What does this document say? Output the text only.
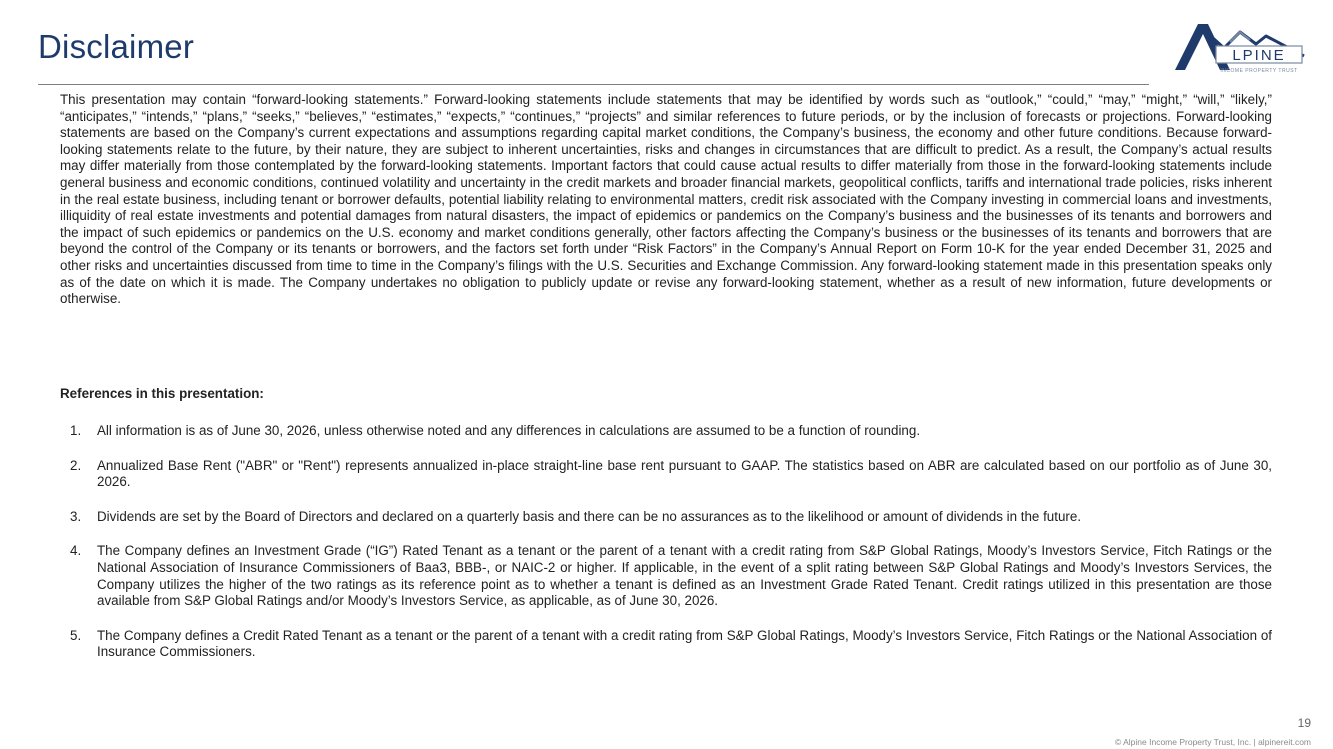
Disclaimer	LPINE
INCOME PROPERTY TRUST
This presentation may contain “forward-looking statements.” Forward-looking statements include statements that may be identified by words such as “outlook,” “could,” “may,” “might,” “will,” “likely,” “anticipates,” “intends,” “plans,” “seeks,” “believes,” “estimates,” “expects,” “continues,” “projects” and similar references to future periods, or by the inclusion of forecasts or projections. Forward-looking statements are based on the Company’s current expectations and assumptions regarding capital market conditions, the Company’s business, the economy and other future conditions. Because forward-looking statements relate to the future, by their nature, they are subject to inherent uncertainties, risks and changes in circumstances that are difficult to predict. As a result, the Company’s actual results may differ materially from those contemplated by the forward-looking statements. Important factors that could cause actual results to differ materially from those in the forward-looking statements include general business and economic conditions, continued volatility and uncertainty in the credit markets and broader financial markets, geopolitical conflicts, tariffs and international trade policies, risks inherent in the real estate business, including tenant or borrower defaults, potential liability relating to environmental matters, credit risk associated with the Company investing in commercial loans and investments, illiquidity of real estate investments and potential damages from natural disasters, the impact of epidemics or pandemics on the Company’s business and the businesses of its tenants and borrowers and the impact of such epidemics or pandemics on the U.S. economy and market conditions generally, other factors affecting the Company’s business or the businesses of its tenants and borrowers that are beyond the control of the Company or its tenants or borrowers, and the factors set forth under “Risk Factors” in the Company’s Annual Report on Form 10-K for the year ended December 31, 2025 and other risks and uncertainties discussed from time to time in the Company’s filings with the U.S. Securities and Exchange Commission. Any forward-looking statement made in this presentation speaks only as of the date on which it is made. The Company undertakes no obligation to publicly update or revise any forward-looking statement, whether as a result of new information, future developments or otherwise.
References in this presentation:
1. All information is as of June 30, 2026, unless otherwise noted and any differences in calculations are assumed to be a function of rounding.
2. Annualized Base Rent ("ABR" or "Rent") represents annualized in-place straight-line base rent pursuant to GAAP. The statistics based on ABR are calculated based on our portfolio as of June 30, 2026.
3. Dividends are set by the Board of Directors and declared on a quarterly basis and there can be no assurances as to the likelihood or amount of dividends in the future.
4. The Company defines an Investment Grade (“IG”) Rated Tenant as a tenant or the parent of a tenant with a credit rating from S&P Global Ratings, Moody’s Investors Service, Fitch Ratings or the National Association of Insurance Commissioners of Baa3, BBB-, or NAIC-2 or higher. If applicable, in the event of a split rating between S&P Global Ratings and Moody’s Investors Services, the Company utilizes the higher of the two ratings as its reference point as to whether a tenant is defined as an Investment Grade Rated Tenant. Credit ratings utilized in this presentation are those available from S&P Global Ratings and/or Moody’s Investors Service, as applicable, as of June 30, 2026.
5. The Company defines a Credit Rated Tenant as a tenant or the parent of a tenant with a credit rating from S&P Global Ratings, Moody’s Investors Service, Fitch Ratings or the National Association of Insurance Commissioners.
19
© Alpine Income Property Trust, Inc. | alpinereit.com
